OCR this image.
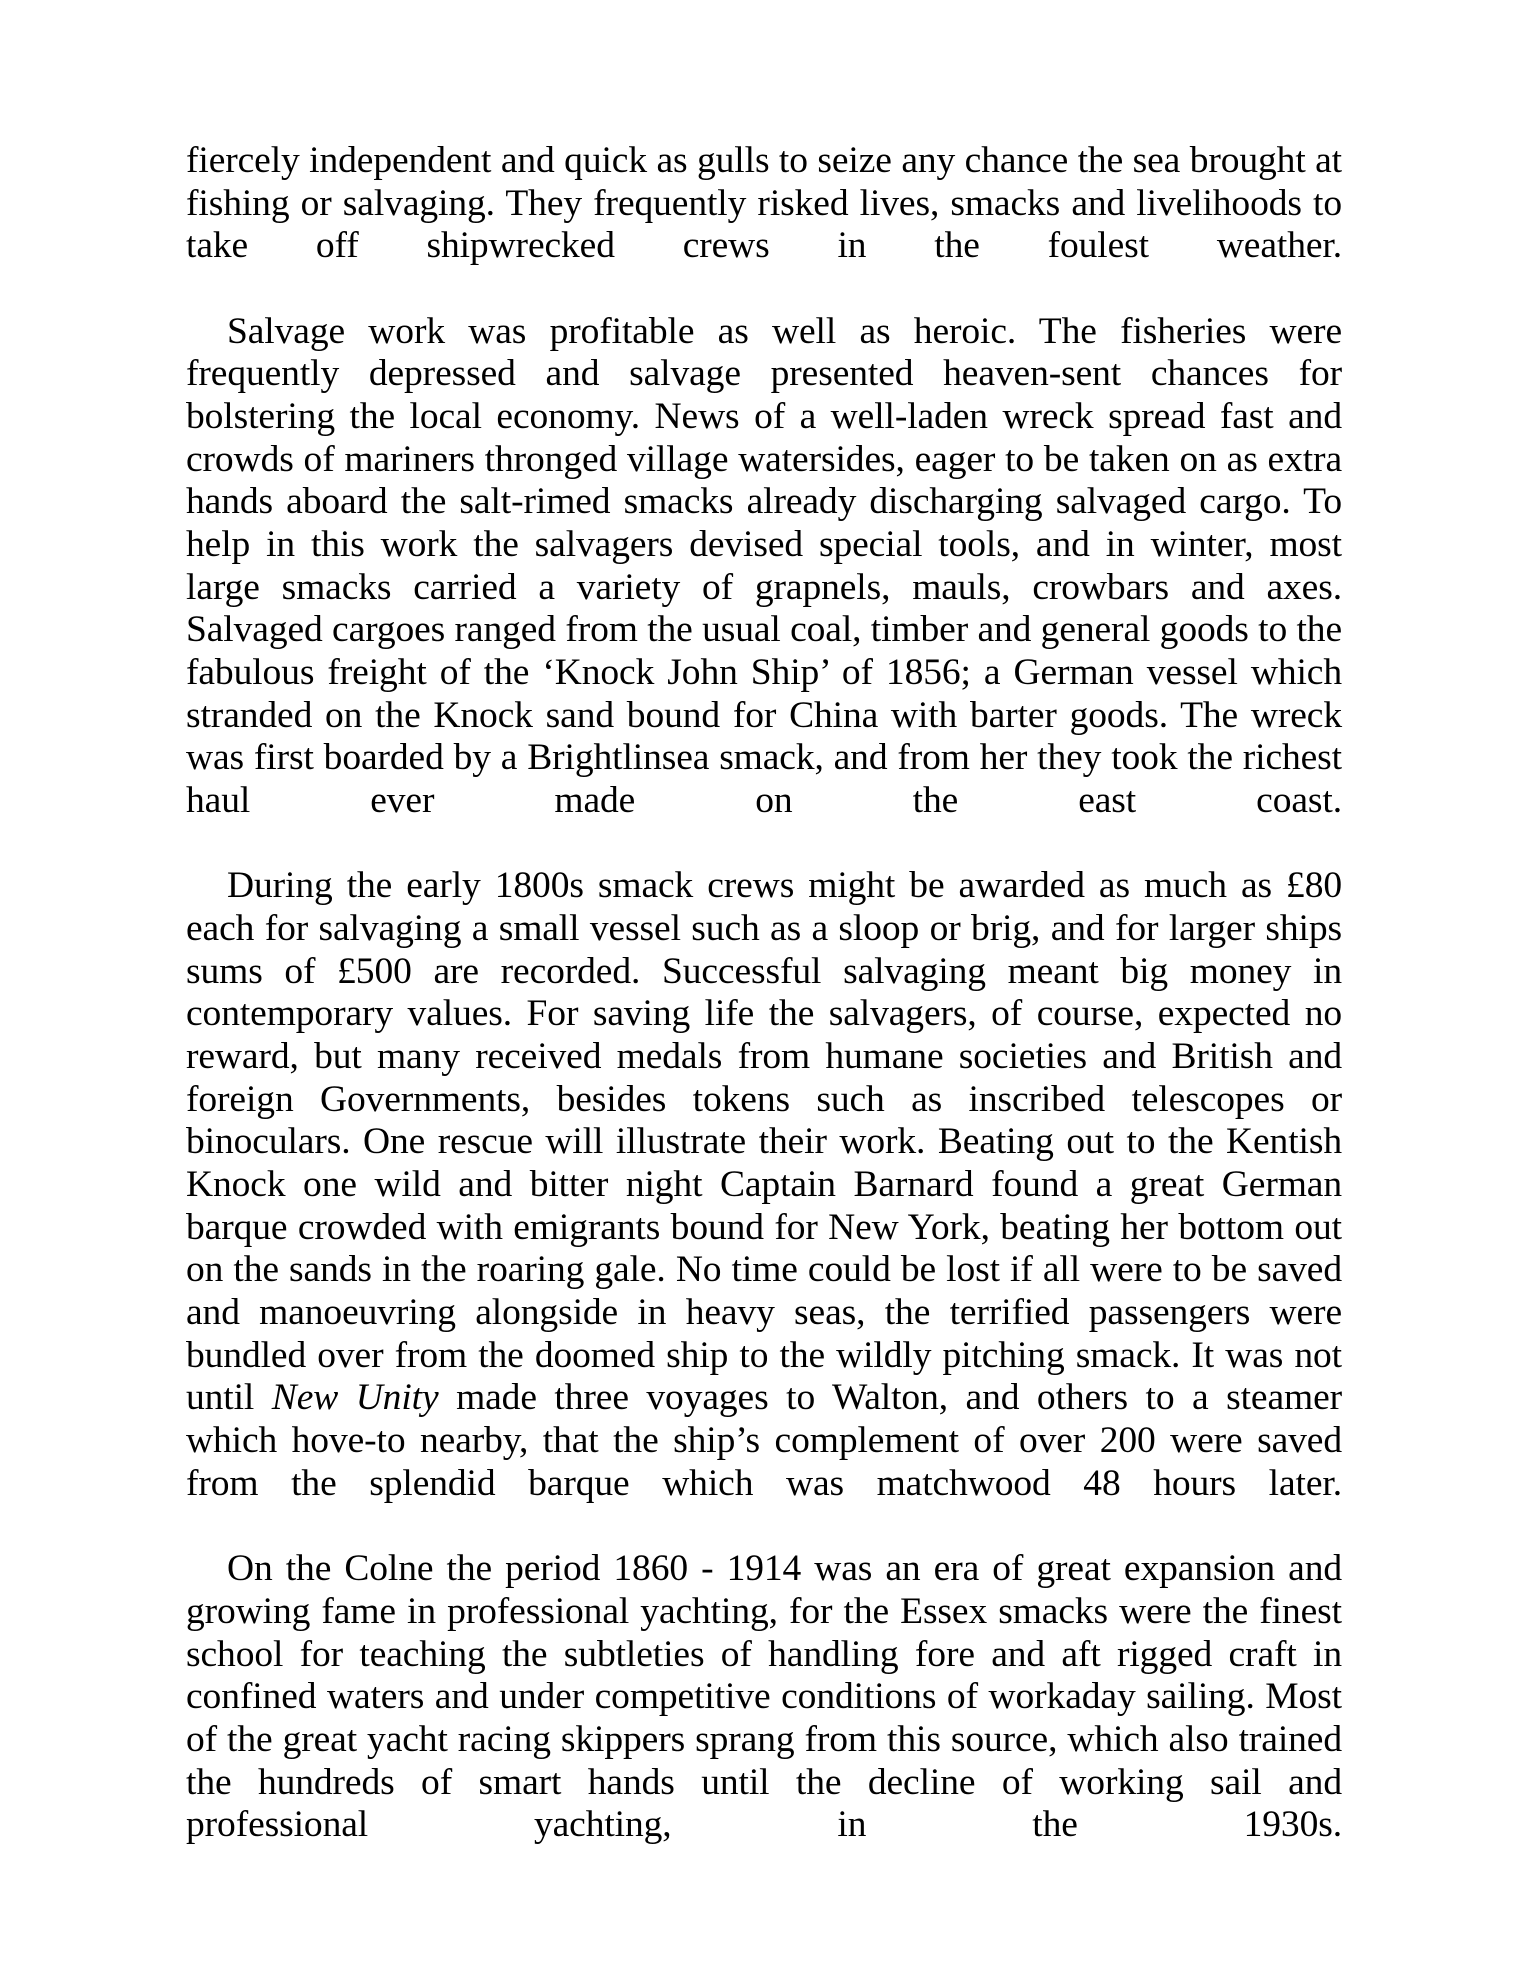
fiercely independent and quick as gulls to seize any chance the sea brought at fishing or salvaging. They frequently risked lives, smacks and livelihoods to take off shipwrecked crews in the foulest weather.

Salvage work was profitable as well as heroic. The fisheries were frequently depressed and salvage presented heaven-sent chances for bolstering the local economy. News of a well-laden wreck spread fast and crowds of mariners thronged village watersides, eager to be taken on as extra hands aboard the salt-rimed smacks already discharging salvaged cargo. To help in this work the salvagers devised special tools, and in winter, most large smacks carried a variety of grapnels, mauls, crowbars and axes. Salvaged cargoes ranged from the usual coal, timber and general goods to the fabulous freight of the ‘Knock John Ship’ of 1856; a German vessel which stranded on the Knock sand bound for China with barter goods. The wreck was first boarded by a Brightlinsea smack, and from her they took the richest haul ever made on the east coast.

During the early 1800s smack crews might be awarded as much as £80 each for salvaging a small vessel such as a sloop or brig, and for larger ships sums of £500 are recorded. Successful salvaging meant big money in contemporary values. For saving life the salvagers, of course, expected no reward, but many received medals from humane societies and British and foreign Governments, besides tokens such as inscribed telescopes or binoculars. One rescue will illustrate their work. Beating out to the Kentish Knock one wild and bitter night Captain Barnard found a great German barque crowded with emigrants bound for New York, beating her bottom out on the sands in the roaring gale. No time could be lost if all were to be saved and manoeuvring alongside in heavy seas, the terrified passengers were bundled over from the doomed ship to the wildly pitching smack. It was not until New Unity made three voyages to Walton, and others to a steamer which hove-to nearby, that the ship’s complement of over 200 were saved from the splendid barque which was matchwood 48 hours later.

On the Colne the period 1860 - 1914 was an era of great expansion and growing fame in professional yachting, for the Essex smacks were the finest school for teaching the subtleties of handling fore and aft rigged craft in confined waters and under competitive conditions of workaday sailing. Most of the great yacht racing skippers sprang from this source, which also trained the hundreds of smart hands until the decline of working sail and professional yachting, in the 1930s.
